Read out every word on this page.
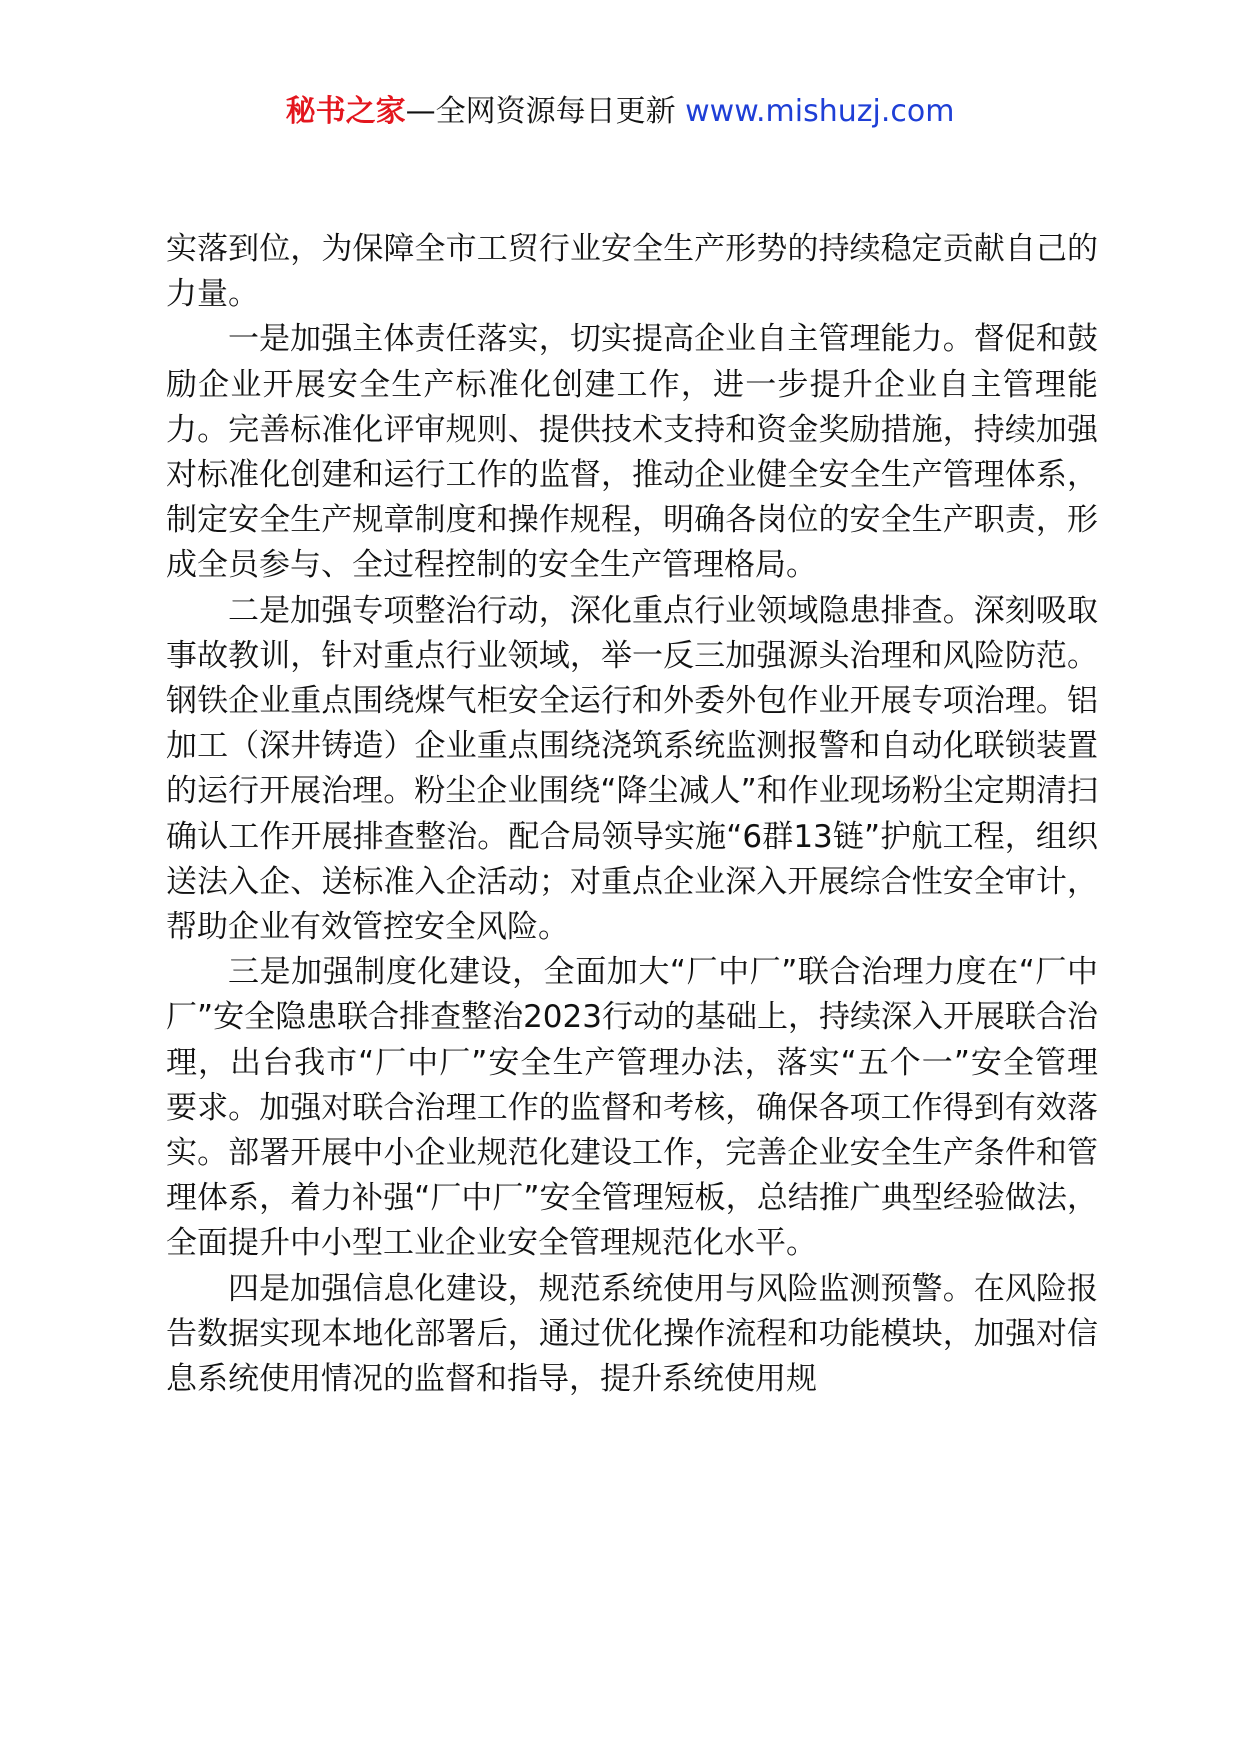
秘书之家—全网资源每日更新 www.mishuzj.com

实落到位，为保障全市工贸行业安全生产形势的持续稳定贡献自己的力量。

一是加强主体责任落实，切实提高企业自主管理能力。督促和鼓励企业开展安全生产标准化创建工作，进一步提升企业自主管理能力。完善标准化评审规则、提供技术支持和资金奖励措施，持续加强对标准化创建和运行工作的监督，推动企业健全安全生产管理体系，制定安全生产规章制度和操作规程，明确各岗位的安全生产职责，形成全员参与、全过程控制的安全生产管理格局。

二是加强专项整治行动，深化重点行业领域隐患排查。深刻吸取事故教训，针对重点行业领域，举一反三加强源头治理和风险防范。钢铁企业重点围绕煤气柜安全运行和外委外包作业开展专项治理。铝加工（深井铸造）企业重点围绕浇筑系统监测报警和自动化联锁装置的运行开展治理。粉尘企业围绕“降尘减人”和作业现场粉尘定期清扫确认工作开展排查整治。配合局领导实施“6群13链”护航工程，组织送法入企、送标准入企活动；对重点企业深入开展综合性安全审计，帮助企业有效管控安全风险。

三是加强制度化建设，全面加大“厂中厂”联合治理力度在“厂中厂”安全隐患联合排查整治2023行动的基础上，持续深入开展联合治理，出台我市“厂中厂”安全生产管理办法，落实“五个一”安全管理要求。加强对联合治理工作的监督和考核，确保各项工作得到有效落实。部署开展中小企业规范化建设工作，完善企业安全生产条件和管理体系，着力补强“厂中厂”安全管理短板，总结推广典型经验做法，全面提升中小型工业企业安全管理规范化水平。

四是加强信息化建设，规范系统使用与风险监测预警。在风险报告数据实现本地化部署后，通过优化操作流程和功能模块，加强对信息系统使用情况的监督和指导，提升系统使用规
